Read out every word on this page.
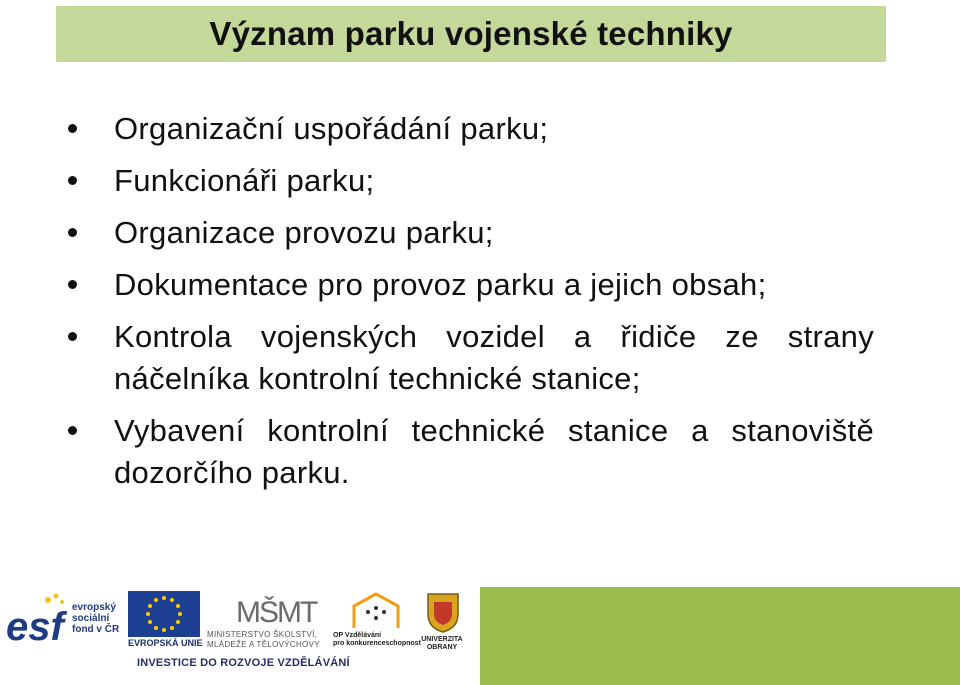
Význam parku vojenské techniky
Organizační uspořádání parku;
Funkcionáři parku;
Organizace provozu parku;
Dokumentace pro provoz parku a jejich obsah;
Kontrola vojenských vozidel a řidiče ze strany náčelníka kontrolní technické stanice;
Vybavení kontrolní technické stanice a stanoviště dozorčího parku.
esf evropský
sociální
fond v ČR
EVROPSKÁ UNIE
MŠMT
MINISTERSTVO ŠKOLSTVÍ,
MLÁDEŽE A TĚLOVÝCHOVY
OP Vzdělávání
pro konkurenceschopnost
UNIVERZITA
OBRANY
INVESTICE DO ROZVOJE VZDĚLÁVÁNÍ
